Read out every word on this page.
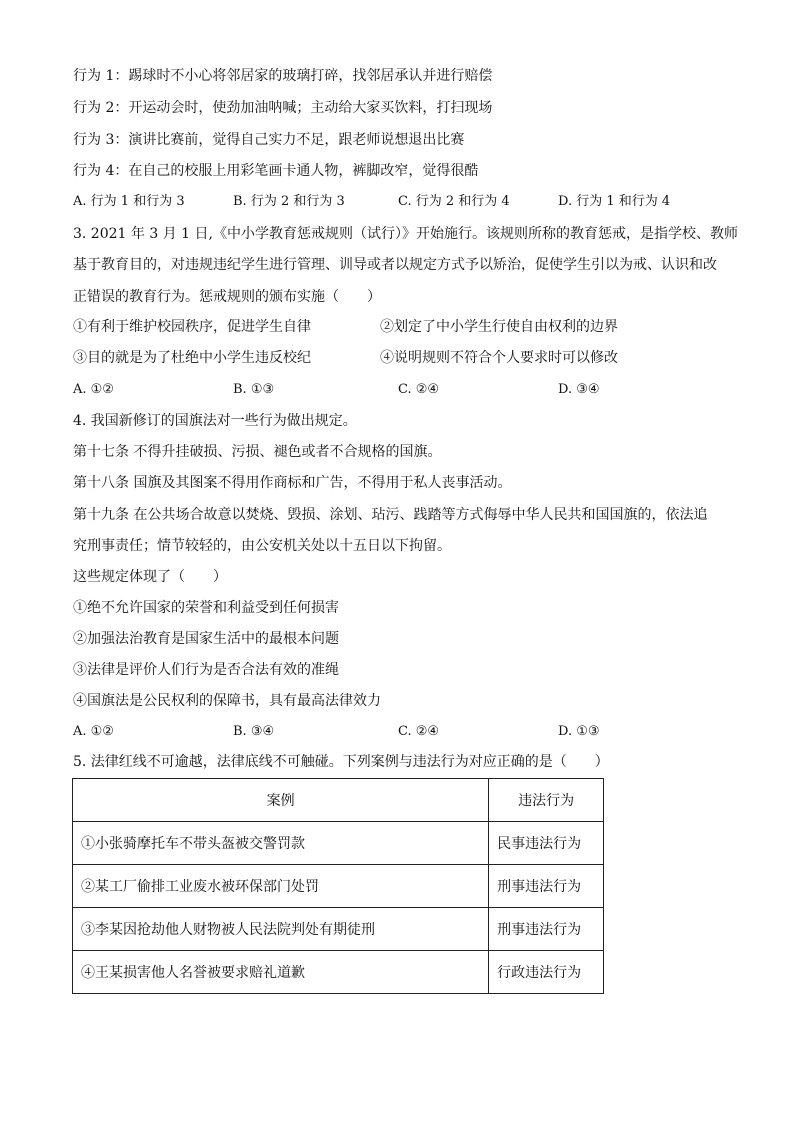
行为 1：踢球时不小心将邻居家的玻璃打碎，找邻居承认并进行赔偿
行为 2：开运动会时，使劲加油呐喊；主动给大家买饮料，打扫现场
行为 3：演讲比赛前，觉得自己实力不足，跟老师说想退出比赛
行为 4：在自己的校服上用彩笔画卡通人物，裤脚改窄，觉得很酷
A. 行为 1 和行为 3	B. 行为 2 和行为 3	C. 行为 2 和行为 4	D. 行为 1 和行为 4
3. 2021 年 3 月 1 日,《中小学教育惩戒规则（试行）》开始施行。该规则所称的教育惩戒，是指学校、教师
基于教育目的，对违规违纪学生进行管理、训导或者以规定方式予以矫治，促使学生引以为戒、认识和改
正错误的教育行为。惩戒规则的颁布实施（　　）
①有利于维护校园秩序，促进学生自律	②划定了中小学生行使自由权利的边界
③目的就是为了杜绝中小学生违反校纪	④说明规则不符合个人要求时可以修改
A. ①②	B. ①③	C. ②④	D. ③④
4. 我国新修订的国旗法对一些行为做出规定。
第十七条 不得升挂破损、污损、褪色或者不合规格的国旗。
第十八条 国旗及其图案不得用作商标和广告，不得用于私人丧事活动。
第十九条 在公共场合故意以焚烧、毁损、涂划、玷污、践踏等方式侮辱中华人民共和国国旗的，依法追
究刑事责任；情节较轻的，由公安机关处以十五日以下拘留。
这些规定体现了（　　）
①绝不允许国家的荣誉和利益受到任何损害
②加强法治教育是国家生活中的最根本问题
③法律是评价人们行为是否合法有效的准绳
④国旗法是公民权利的保障书，具有最高法律效力
A. ①②	B. ③④	C. ②④	D. ①③
5. 法律红线不可逾越，法律底线不可触碰。下列案例与违法行为对应正确的是（　　）
案例	违法行为
①小张骑摩托车不带头盔被交警罚款	民事违法行为
②某工厂偷排工业废水被环保部门处罚	刑事违法行为
③李某因抢劫他人财物被人民法院判处有期徒刑	刑事违法行为
④王某损害他人名誉被要求赔礼道歉	行政违法行为
